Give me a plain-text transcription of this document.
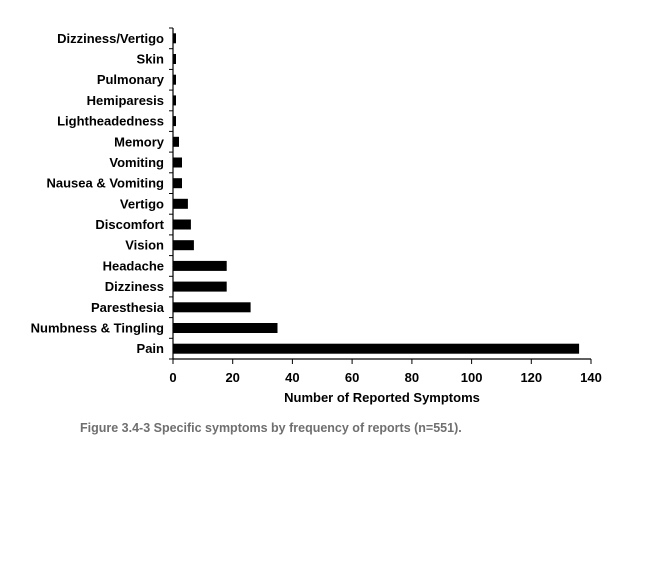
Dizziness/Vertigo
Skin
Pulmonary
Hemiparesis
Lightheadedness
Memory
Vomiting
Nausea & Vomiting
Vertigo
Discomfort
Vision
Headache
Dizziness
Paresthesia
Numbness & Tingling
Pain
0	20	40	60	80	100	120	140
Number of Reported Symptoms
Figure 3.4-3 Specific symptoms by frequency of reports (n=551).
